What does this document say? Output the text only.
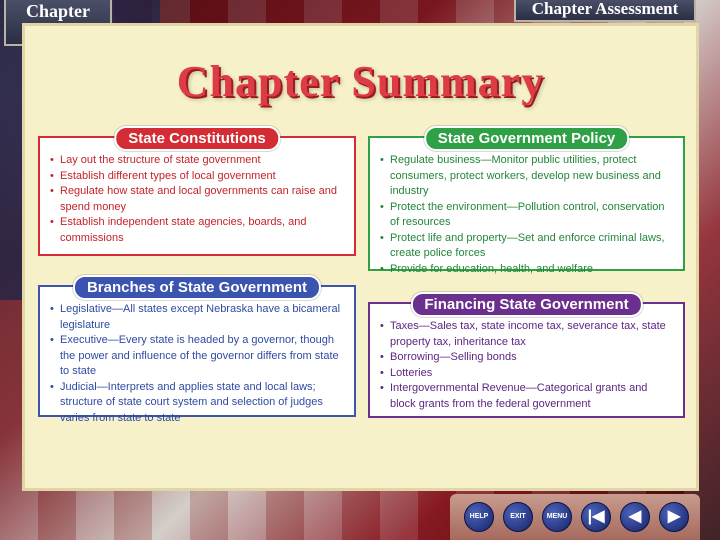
Chapter	Chapter Assessment
Chapter Summary
State Constitutions
• Lay out the structure of state government
• Establish different types of local government
• Regulate how state and local governments can raise and spend money
• Establish independent state agencies, boards, and commissions
State Government Policy
• Regulate business—Monitor public utilities, protect consumers, protect workers, develop new business and industry
• Protect the environment—Pollution control, conservation of resources
• Protect life and property—Set and enforce criminal laws, create police forces
• Provide for education, health, and welfare
Branches of State Government
• Legislative—All states except Nebraska have a bicameral legislature
• Executive—Every state is headed by a governor, though the power and influence of the governor differs from state to state
• Judicial—Interprets and applies state and local laws; structure of state court system and selection of judges varies from state to state
Financing State Government
• Taxes—Sales tax, state income tax, severance tax, state property tax, inheritance tax
• Borrowing—Selling bonds
• Lotteries
• Intergovernmental Revenue—Categorical grants and block grants from the federal government
HELP	EXIT	MENU	|◀	◀	▶
